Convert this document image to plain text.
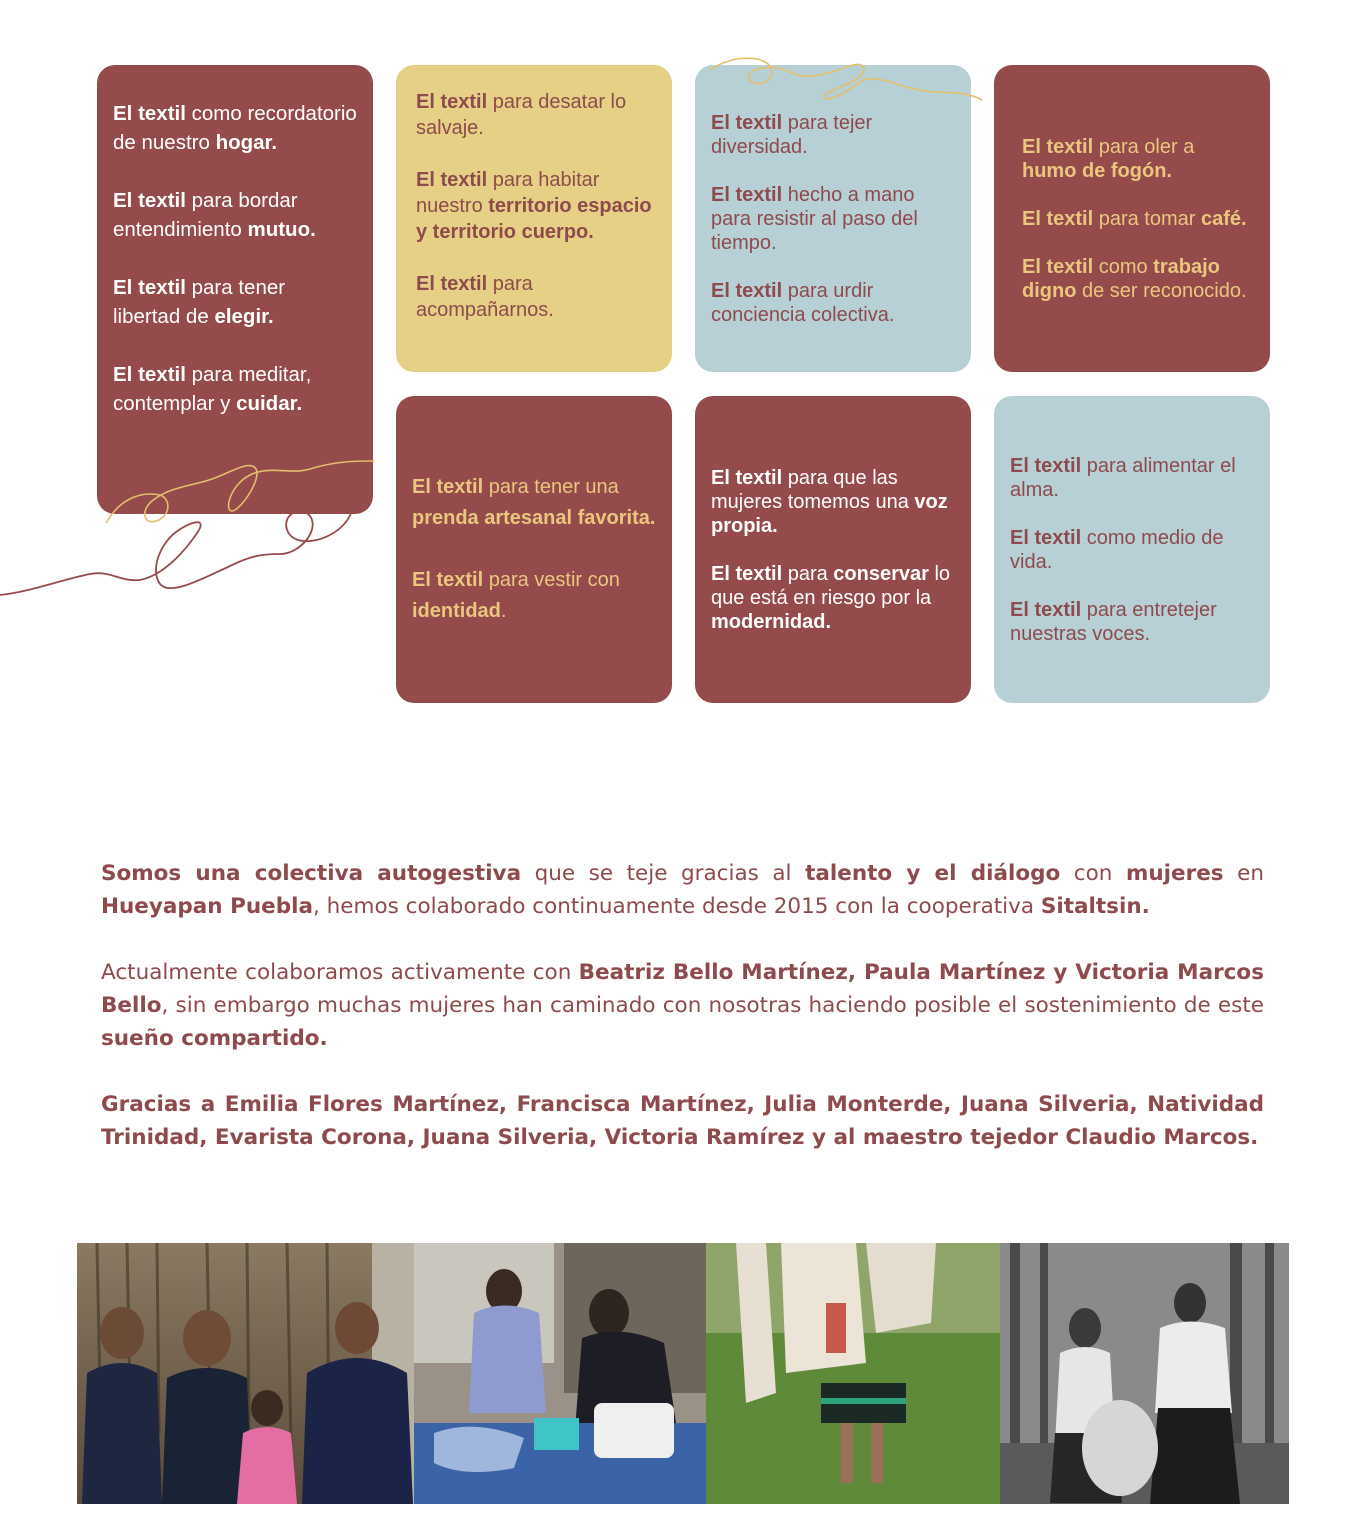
El textil como recordatorio de nuestro hogar.

El textil para bordar entendimiento mutuo.

El textil para tener libertad de elegir.

El textil para meditar, contemplar y cuidar.

El textil para desatar lo salvaje.

El textil para habitar nuestro territorio espacio y territorio cuerpo.

El textil para acompañarnos.

El textil para tejer diversidad.

El textil hecho a mano para resistir al paso del tiempo.

El textil para urdir conciencia colectiva.

El textil para oler a humo de fogón.

El textil para tomar café.

El textil como trabajo digno de ser reconocido.

El textil para tener una prenda artesanal favorita.

El textil para vestir con identidad.

El textil para que las mujeres tomemos una voz propia.

El textil para conservar lo que está en riesgo por la modernidad.

El textil para alimentar el alma.

El textil como medio de vida.

El textil para entretejer nuestras voces.

Somos una colectiva autogestiva que se teje gracias al talento y el diálogo con mujeres en Hueyapan Puebla, hemos colaborado continuamente desde 2015 con la cooperativa Sitaltsin.

Actualmente colaboramos activamente con Beatriz Bello Martínez, Paula Martínez y Victoria Marcos Bello, sin embargo muchas mujeres han caminado con nosotras haciendo posible el sostenimiento de este sueño compartido.

Gracias a Emilia Flores Martínez, Francisca Martínez, Julia Monterde, Juana Silveria, Natividad Trinidad, Evarista Corona, Juana Silveria, Victoria Ramírez y al maestro tejedor Claudio Marcos.
